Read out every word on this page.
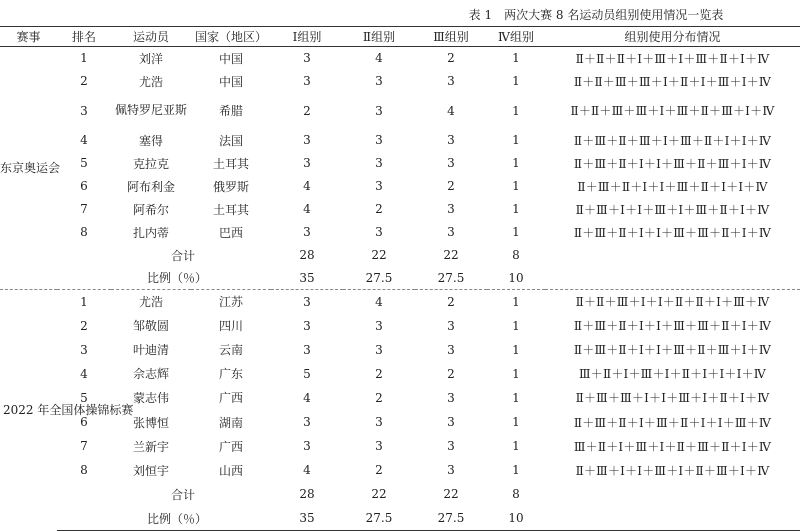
表 1　两次大赛 8 名运动员组别使用情况一览表
赛事	排名	运动员	国家（地区）	Ⅰ组别	Ⅱ组别	Ⅲ组别	Ⅳ组别	组别使用分布情况
东京奥运会	1	刘洋	中国	3	4	2	1	Ⅱ＋Ⅱ＋Ⅱ＋Ⅰ＋Ⅲ＋Ⅰ＋Ⅲ＋Ⅱ＋Ⅰ＋Ⅳ
	2	尤浩	中国	3	3	3	1	Ⅱ＋Ⅱ＋Ⅲ＋Ⅲ＋Ⅰ＋Ⅱ＋Ⅰ＋Ⅲ＋Ⅰ＋Ⅳ
	3	佩特罗尼亚斯	希腊	2	3	4	1	Ⅱ＋Ⅱ＋Ⅲ＋Ⅲ＋Ⅰ＋Ⅲ＋Ⅱ＋Ⅲ＋Ⅰ＋Ⅳ
	4	塞得	法国	3	3	3	1	Ⅱ＋Ⅲ＋Ⅱ＋Ⅲ＋Ⅰ＋Ⅲ＋Ⅱ＋Ⅰ＋Ⅰ＋Ⅳ
	5	克拉克	土耳其	3	3	3	1	Ⅱ＋Ⅲ＋Ⅱ＋Ⅰ＋Ⅰ＋Ⅲ＋Ⅱ＋Ⅲ＋Ⅰ＋Ⅳ
	6	阿布利金	俄罗斯	4	3	2	1	Ⅱ＋Ⅲ＋Ⅱ＋Ⅰ＋Ⅰ＋Ⅲ＋Ⅱ＋Ⅰ＋Ⅰ＋Ⅳ
	7	阿希尔	土耳其	4	2	3	1	Ⅱ＋Ⅲ＋Ⅰ＋Ⅰ＋Ⅲ＋Ⅰ＋Ⅲ＋Ⅱ＋Ⅰ＋Ⅳ
	8	扎内蒂	巴西	3	3	3	1	Ⅱ＋Ⅲ＋Ⅱ＋Ⅰ＋Ⅰ＋Ⅲ＋Ⅲ＋Ⅱ＋Ⅰ＋Ⅳ
	合计			28	22	22	8	
	比例（％）			35	27.5	27.5	10	
2022 年全国体操锦标赛	1	尤浩	江苏	3	4	2	1	Ⅱ＋Ⅱ＋Ⅲ＋Ⅰ＋Ⅰ＋Ⅱ＋Ⅱ＋Ⅰ＋Ⅲ＋Ⅳ
	2	邹敬圆	四川	3	3	3	1	Ⅱ＋Ⅲ＋Ⅱ＋Ⅰ＋Ⅰ＋Ⅲ＋Ⅲ＋Ⅱ＋Ⅰ＋Ⅳ
	3	叶迪清	云南	3	3	3	1	Ⅱ＋Ⅲ＋Ⅱ＋Ⅰ＋Ⅰ＋Ⅲ＋Ⅱ＋Ⅲ＋Ⅰ＋Ⅳ
	4	佘志辉	广东	5	2	2	1	Ⅲ＋Ⅱ＋Ⅰ＋Ⅲ＋Ⅰ＋Ⅱ＋Ⅰ＋Ⅰ＋Ⅰ＋Ⅳ
	5	蒙志伟	广西	4	2	3	1	Ⅱ＋Ⅲ＋Ⅲ＋Ⅰ＋Ⅰ＋Ⅲ＋Ⅰ＋Ⅱ＋Ⅰ＋Ⅳ
	6	张博恒	湖南	3	3	3	1	Ⅱ＋Ⅲ＋Ⅱ＋Ⅰ＋Ⅲ＋Ⅱ＋Ⅰ＋Ⅰ＋Ⅲ＋Ⅳ
	7	兰新宇	广西	3	3	3	1	Ⅲ＋Ⅱ＋Ⅰ＋Ⅲ＋Ⅰ＋Ⅱ＋Ⅲ＋Ⅱ＋Ⅰ＋Ⅳ
	8	刘恒宇	山西	4	2	3	1	Ⅱ＋Ⅲ＋Ⅰ＋Ⅰ＋Ⅲ＋Ⅰ＋Ⅱ＋Ⅲ＋Ⅰ＋Ⅳ
	合计			28	22	22	8	
	比例（％）			35	27.5	27.5	10	
